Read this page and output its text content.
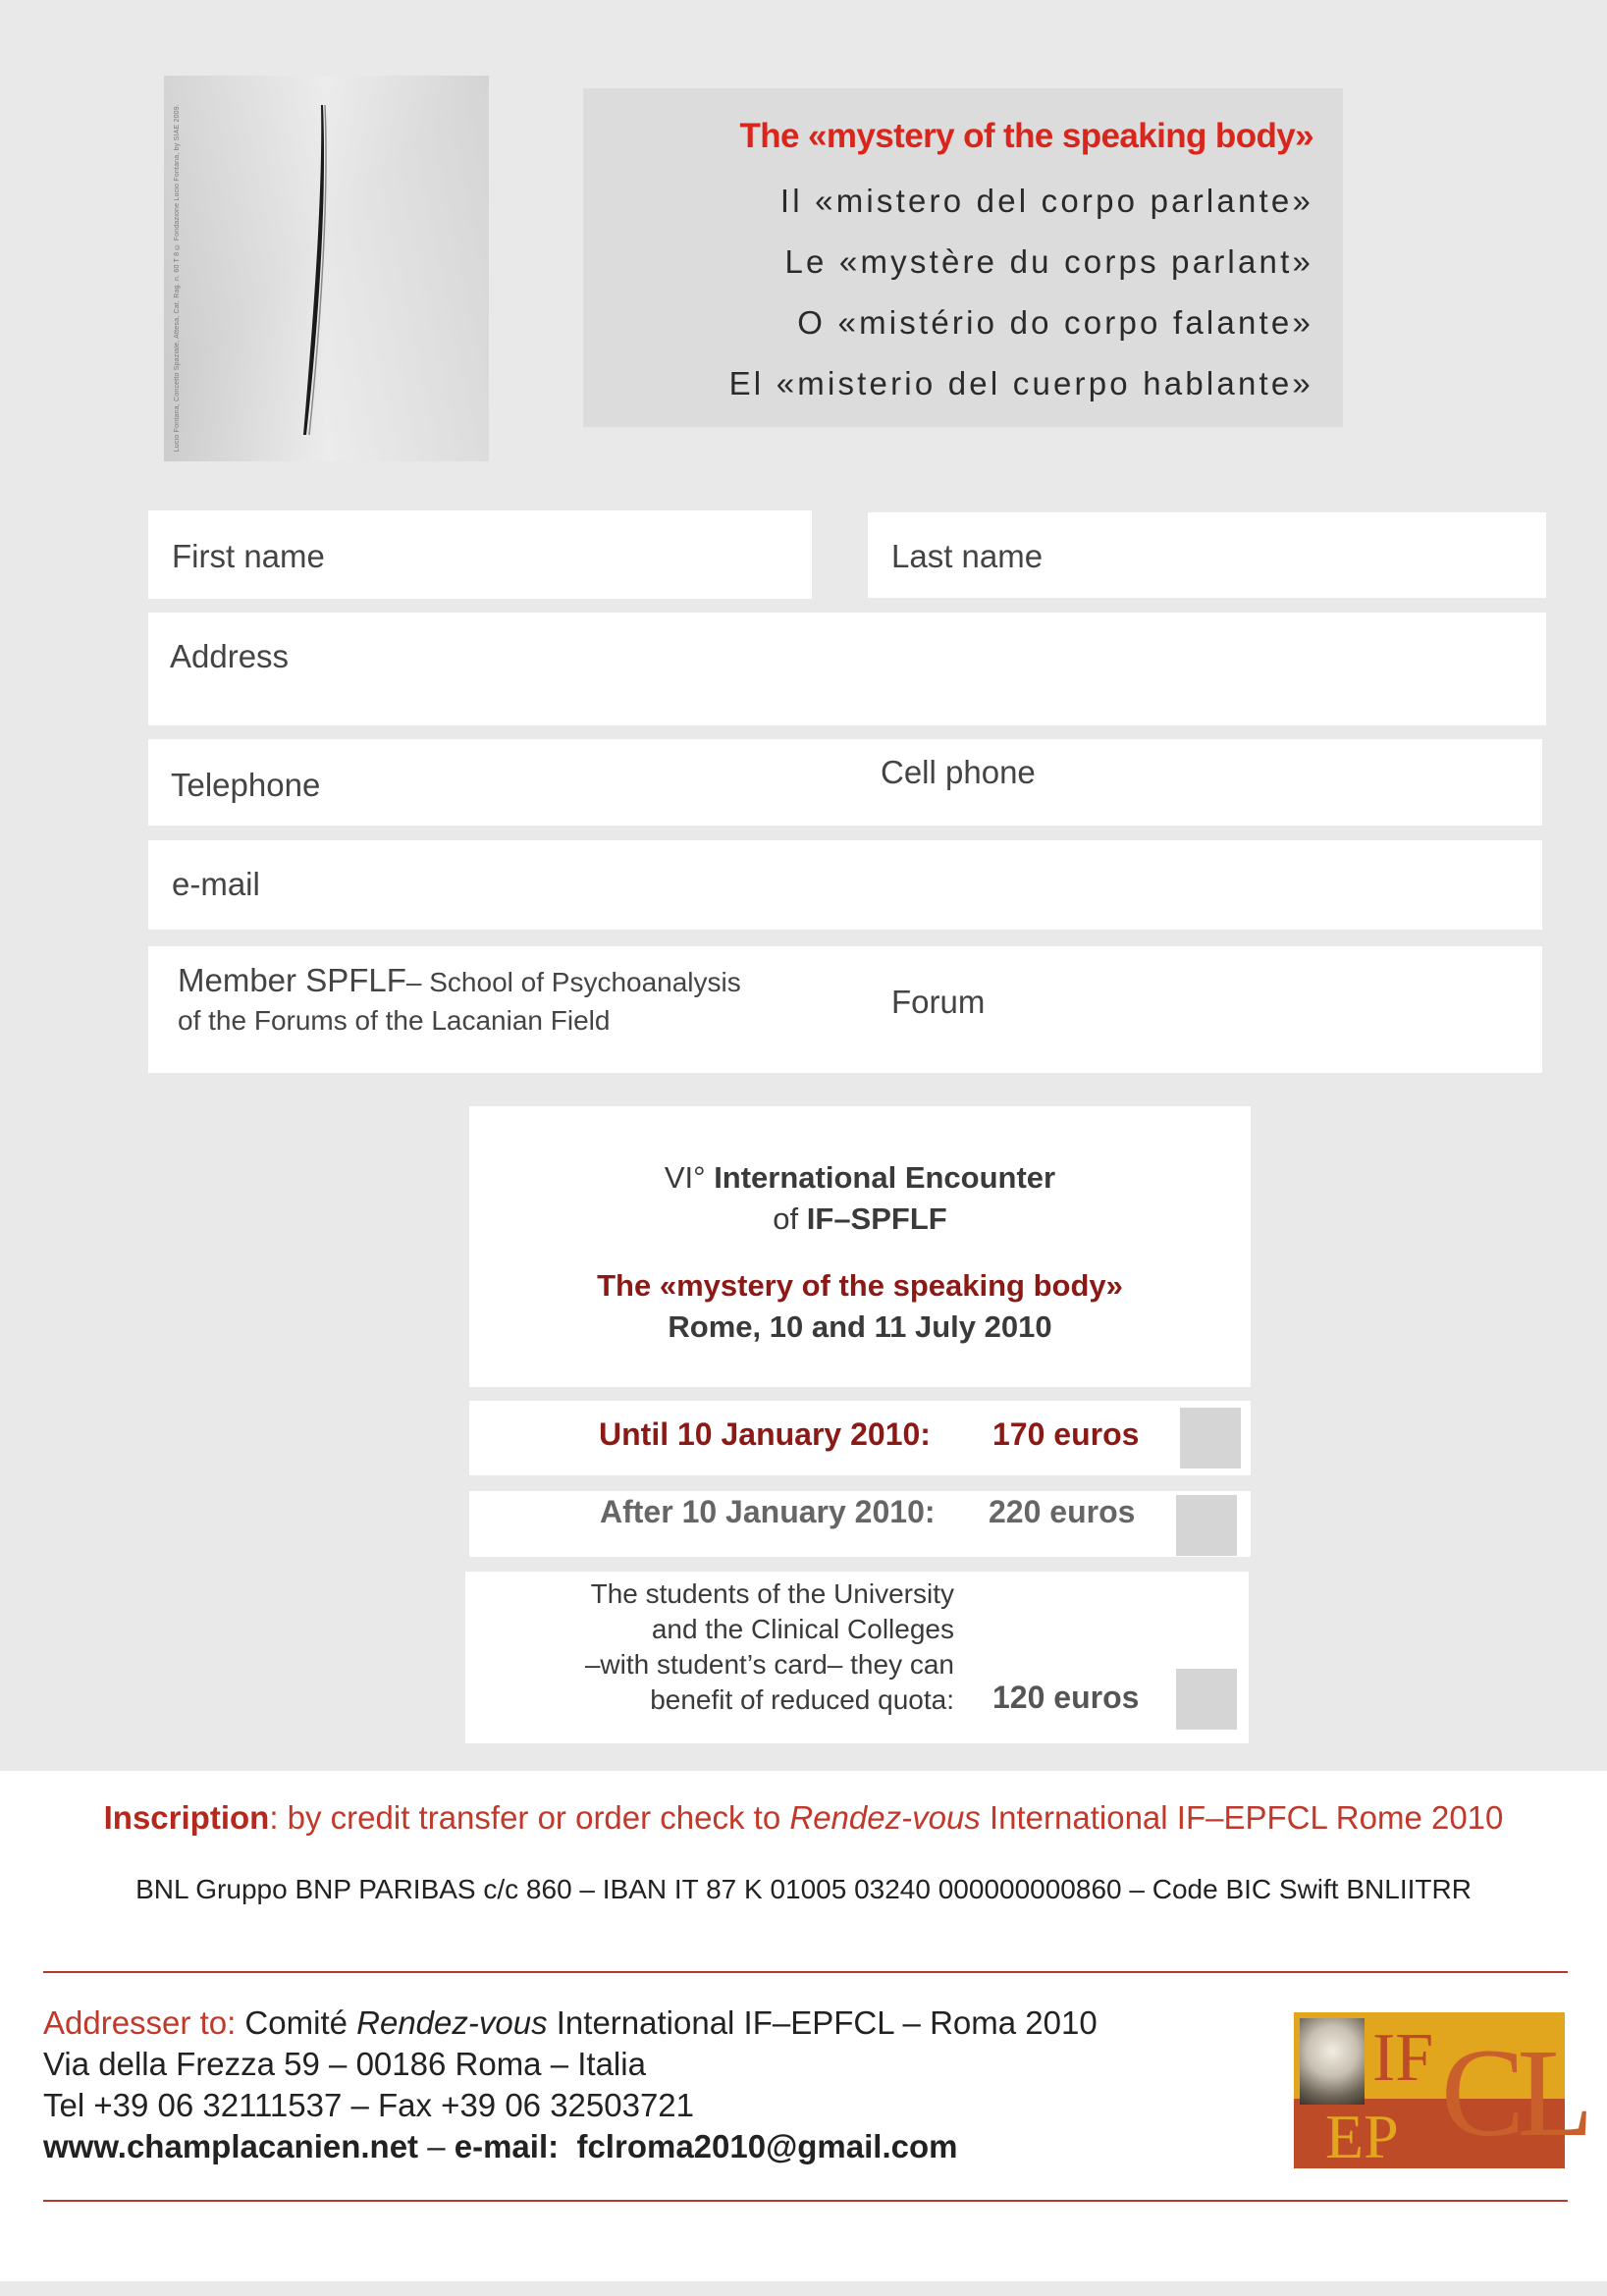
Lucio Fontana, Concetto Spaziale, Attesa, Cat. Rag. n. 60 T 8 © Fondazione Lucio Fontana, by SIAE 2009.	The «mystery of the speaking body»
Il «mistero del corpo parlante»
Le «mystère du corps parlant»
O «mistério do corpo falante»
El «misterio del cuerpo hablante»
First name	Last name
Address
Telephone	Cell phone
e-mail
Member SPFLF– School of Psychoanalysis
of the Forums of the Lacanian Field
Forum
VI° International Encounter
of IF–SPFLF
The «mystery of the speaking body»
Rome, 10 and 11 July 2010
Until 10 January 2010: 170 euros
After 10 January 2010: 220 euros
The students of the University
and the Clinical Colleges
–with student’s card– they can
benefit of reduced quota: 120 euros
Inscription: by credit transfer or order check to Rendez-vous International IF–EPFCL Rome 2010
BNL Gruppo BNP PARIBAS c/c 860 – IBAN IT 87 K 01005 03240 000000000860 – Code BIC Swift BNLIITRR
Addresser to: Comité Rendez-vous International IF–EPFCL – Roma 2010
Via della Frezza 59 – 00186 Roma – Italia
Tel +39 06 32111537 – Fax +39 06 32503721
www.champlacanien.net – e-mail: fclroma2010@gmail.com
IF
EP CL
